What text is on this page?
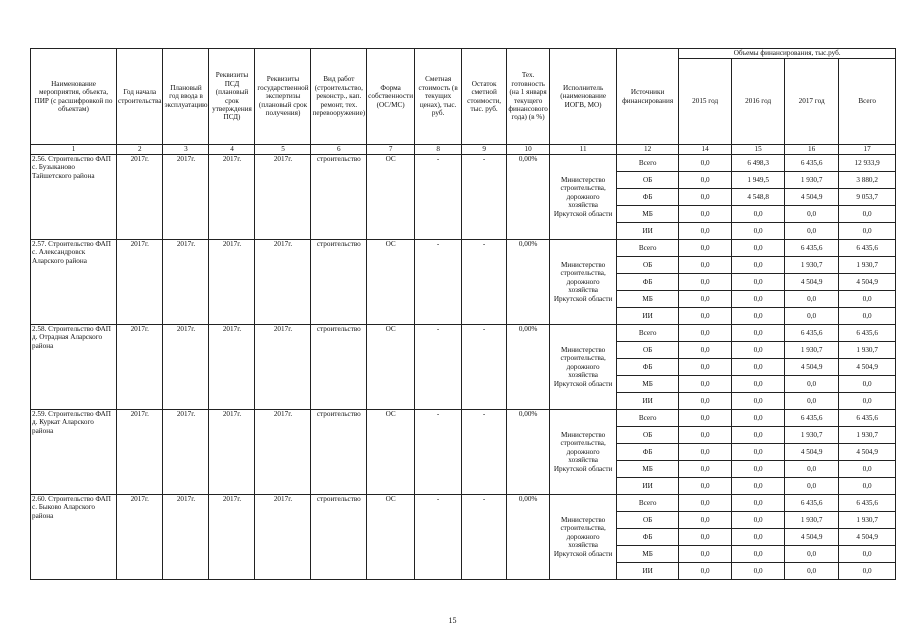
Наименование мероприятия, объекта, ПИР (с расшифровкой по объектам)	Год начала строительства	Плановый год ввода в эксплуатацию	Реквизиты ПСД (плановый срок утверждения ПСД)	Реквизиты государственной экспертизы (плановый срок получения)	Вид работ (строительство, реконстр., кап. ремонт, тех. перевооружение)	Форма собственности (ОС/МС)	Сметная стоимость (в текущих ценах), тыс. руб.	Остаток сметной стоимости, тыс. руб.	Тех. готовность (на 1 января текущего финансового года) (в %)	Исполнитель (наименование ИОГВ, МО)	Источники финансирования	Объемы финансирования, тыс.руб.			
												2015 год	2016 год	2017 год	Всего
1	2	3	4	5	6	7	8	9	10	11	12	14	15	16	17
2.56. Строительство ФАП с. Бузыканово Тайшетского района	2017г.	2017г.	2017г.	2017г.	строительство	ОС	-	-	0,00%	Министерство строительства, дорожного хозяйства Иркутской области	Всего	0,0	6 498,3	6 435,6	12 933,9
											ОБ	0,0	1 949,5	1 930,7	3 880,2
											ФБ	0,0	4 548,8	4 504,9	9 053,7
											МБ	0,0	0,0	0,0	0,0
											ИИ	0,0	0,0	0,0	0,0
2.57. Строительство ФАП с. Александровск Аларского района	2017г.	2017г.	2017г.	2017г.	строительство	ОС	-	-	0,00%	Министерство строительства, дорожного хозяйства Иркутской области	Всего	0,0	0,0	6 435,6	6 435,6
											ОБ	0,0	0,0	1 930,7	1 930,7
											ФБ	0,0	0,0	4 504,9	4 504,9
											МБ	0,0	0,0	0,0	0,0
											ИИ	0,0	0,0	0,0	0,0
2.58. Строительство ФАП д. Отрадная Аларского района	2017г.	2017г.	2017г.	2017г.	строительство	ОС	-	-	0,00%	Министерство строительства, дорожного хозяйства Иркутской области	Всего	0,0	0,0	6 435,6	6 435,6
											ОБ	0,0	0,0	1 930,7	1 930,7
											ФБ	0,0	0,0	4 504,9	4 504,9
											МБ	0,0	0,0	0,0	0,0
											ИИ	0,0	0,0	0,0	0,0
2.59. Строительство ФАП д. Куркат Аларского района	2017г.	2017г.	2017г.	2017г.	строительство	ОС	-	-	0,00%	Министерство строительства, дорожного хозяйства Иркутской области	Всего	0,0	0,0	6 435,6	6 435,6
											ОБ	0,0	0,0	1 930,7	1 930,7
											ФБ	0,0	0,0	4 504,9	4 504,9
											МБ	0,0	0,0	0,0	0,0
											ИИ	0,0	0,0	0,0	0,0
2.60. Строительство ФАП с. Быково Аларского района	2017г.	2017г.	2017г.	2017г.	строительство	ОС	-	-	0,00%	Министерство строительства, дорожного хозяйства Иркутской области	Всего	0,0	0,0	6 435,6	6 435,6
											ОБ	0,0	0,0	1 930,7	1 930,7
											ФБ	0,0	0,0	4 504,9	4 504,9
											МБ	0,0	0,0	0,0	0,0
											ИИ	0,0	0,0	0,0	0,0
15
